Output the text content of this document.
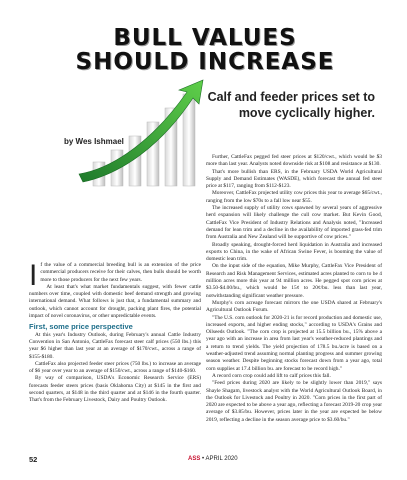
BULL VALUES
SHOULD INCREASE
Calf and feeder prices set to move cyclically higher.
by Wes Ishmael

If the value of a commercial breeding bull is an extension of the price commercial producers receive for their calves, then bulls should be worth more to those producers for the next few years.

At least that's what market fundamentals suggest, with fewer cattle numbers over time, coupled with domestic beef demand strength and growing international demand. What follows is just that, a fundamental summary and outlook, which cannot account for drought, packing plant fires, the potential impact of novel coronavirus, or other unpredictable events.

First, some price perspective

At this year's Industry Outlook, during February's annual Cattle Industry Convention in San Antonio, CattleFax forecast steer calf prices (550 lbs.) this year $6 higher than last year at an average of $170/cwt., across a range of $155-$180.

CattleFax also projected feeder steer prices (750 lbs.) to increase an average of $6 year over year to an average of $150/cwt., across a range of $140-$160.

By way of comparison, USDA's Economic Research Service (ERS) forecasts feeder steers prices (basis Oklahoma City) at $145 in the first and second quarters, at $148 in the third quarter and at $146 in the fourth quarter. That's from the February Livestock, Dairy and Poultry Outlook.

Further, CattleFax pegged fed steer prices at $120/cwt., which would be $3 more than last year. Analysts noted downside risk at $108 and resistance at $130.

That's more bullish than ERS, in the February USDA World Agricultural Supply and Demand Estimates (WASDE), which forecast the annual fed steer price at $117, ranging from $112-$123.

Moreover, CattleFax projected utility cow prices this year to average $65/cwt., ranging from the low $70s to a fall low near $55.

The increased supply of utility cows spawned by several years of aggressive herd expansion will likely challenge the cull cow market. But Kevin Good, CattleFax Vice President of Industry Relations and Analysis noted, "Increased demand for lean trim and a decline in the availability of imported grass-fed trim from Australia and New Zealand will be supportive of cow prices."

Broadly speaking, drought-forced herd liquidation in Australia and increased exports to China, in the wake of African Swine Fever, is booming the value of domestic lean trim.

On the input side of the equation, Mike Murphy, CattleFax Vice President of Research and Risk Management Services, estimated acres planted to corn to be 4 million acres more this year at 94 million acres. He pegged spot corn prices at $3.50-$4.00/bu., which would be 15¢ to 20¢/bu. less than last year, notwithstanding significant weather pressure.

Murphy's corn acreage forecast mirrors the one USDA shared at February's Agricultural Outlook Forum.

"The U.S. corn outlook for 2020-21 is for record production and domestic use, increased exports, and higher ending stocks," according to USDA's Grains and Oilseeds Outlook. "The corn crop is projected at 15.5 billion bu., 15% above a year ago with an increase in area from last year's weather-reduced plantings and a return to trend yields. The yield projection of 178.5 bu./acre is based on a weather-adjusted trend assuming normal planting progress and summer growing season weather. Despite beginning stocks forecast down from a year ago, total corn supplies at 17.4 billion bu. are forecast to be record high."

A record corn crop could add lift to calf prices this fall.

"Feed prices during 2020 are likely to be slightly lower than 2019," says Shayle Shagam, livestock analyst with the World Agricultural Outlook Board, in the Outlook for Livestock and Poultry in 2020. "Corn prices in the first part of 2020 are expected to be above a year ago, reflecting a forecast 2019-20 crop year average of $3.85/bu. However, prices later in the year are expected be below 2019, reflecting a decline in the season average price to $3.60/bu."

52	ASS • APRIL 2020
